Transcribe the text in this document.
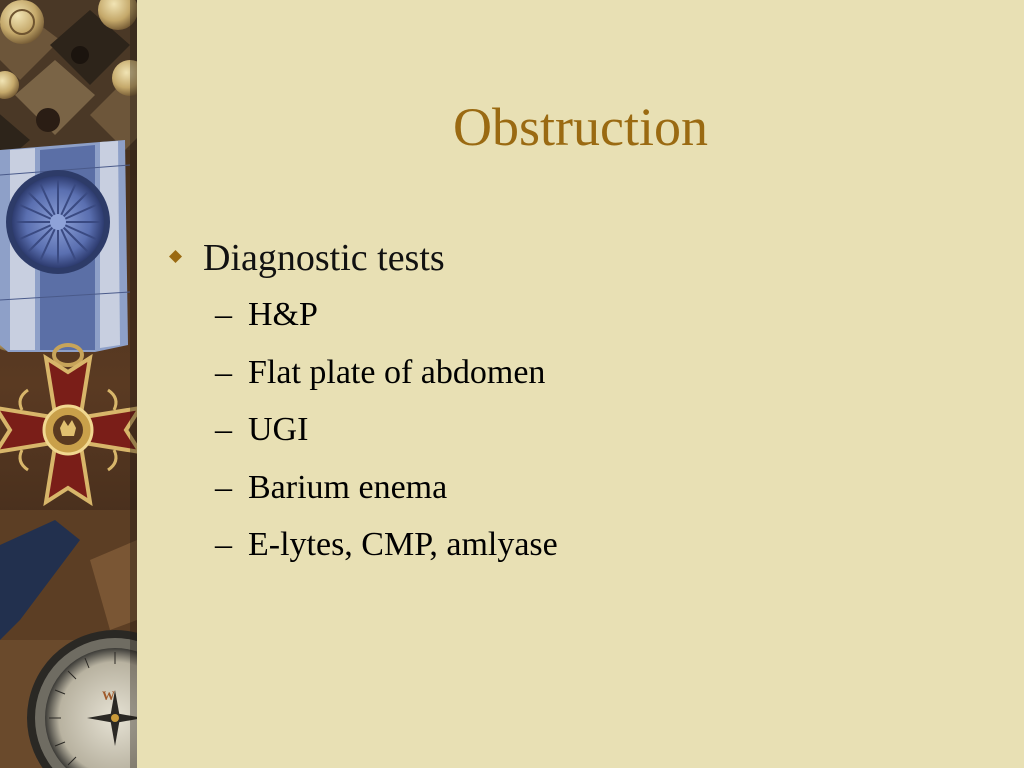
W
Obstruction
Diagnostic tests
– H&P
– Flat plate of abdomen
– UGI
– Barium enema
– E-lytes, CMP, amlyase
